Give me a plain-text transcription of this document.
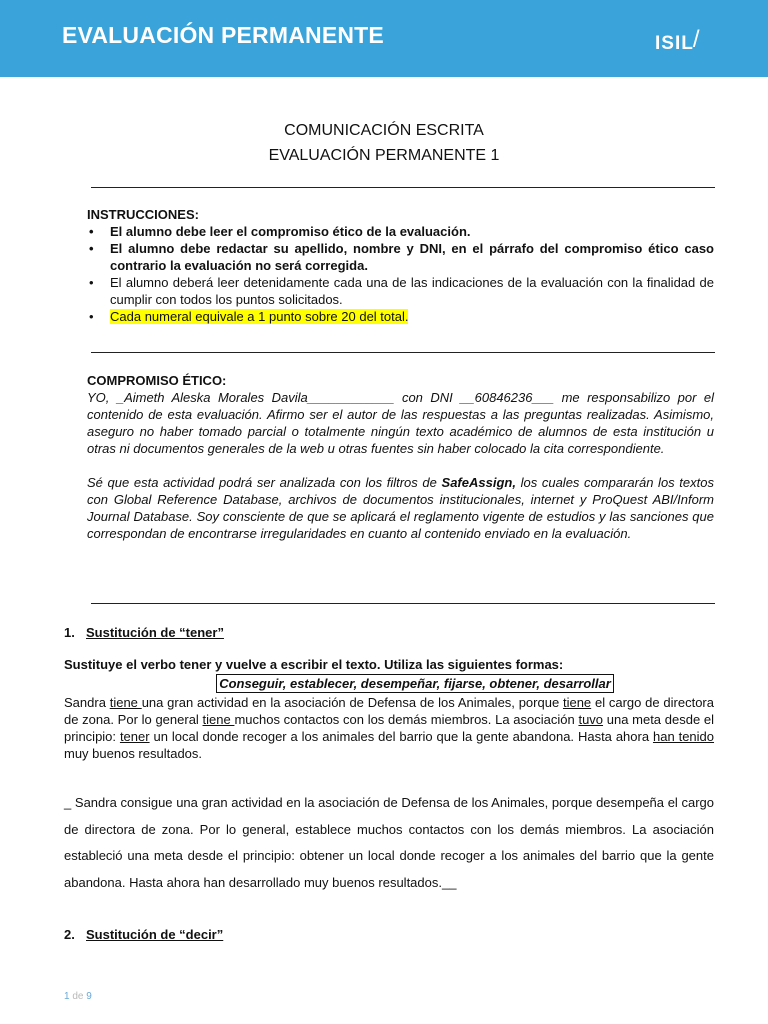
EVALUACIÓN PERMANENTE	ISIL/
COMUNICACIÓN ESCRITA
EVALUACIÓN PERMANENTE 1
INSTRUCCIONES:
• El alumno debe leer el compromiso ético de la evaluación.
• El alumno debe redactar su apellido, nombre y DNI, en el párrafo del compromiso ético caso contrario la evaluación no será corregida.
• El alumno deberá leer detenidamente cada una de las indicaciones de la evaluación con la finalidad de cumplir con todos los puntos solicitados.
• Cada numeral equivale a 1 punto sobre 20 del total.
COMPROMISO ÉTICO:

YO, _Aimeth Aleska Morales Davila____________ con DNI __60846236___ me responsabilizo por el contenido de esta evaluación. Afirmo ser el autor de las respuestas a las preguntas realizadas. Asimismo, aseguro no haber tomado parcial o totalmente ningún texto académico de alumnos de esta institución u otras ni documentos generales de la web u otras fuentes sin haber colocado la cita correspondiente.

Sé que esta actividad podrá ser analizada con los filtros de SafeAssign, los cuales compararán los textos con Global Reference Database, archivos de documentos institucionales, internet y ProQuest ABI/Inform Journal Database. Soy consciente de que se aplicará el reglamento vigente de estudios y las sanciones que correspondan de encontrarse irregularidades en cuanto al contenido enviado en la evaluación.

1. Sustitución de “tener”
Sustituye el verbo tener y vuelve a escribir el texto. Utiliza las siguientes formas:
Conseguir, establecer, desempeñar, fijarse, obtener, desarrollar
Sandra tiene una gran actividad en la asociación de Defensa de los Animales, porque tiene el cargo de directora de zona. Por lo general tiene muchos contactos con los demás miembros. La asociación tuvo una meta desde el principio: tener un local donde recoger a los animales del barrio que la gente abandona. Hasta ahora han tenido muy buenos resultados.
_ Sandra consigue una gran actividad en la asociación de Defensa de los Animales, porque desempeña el cargo de directora de zona. Por lo general, establece muchos contactos con los demás miembros. La asociación estableció una meta desde el principio: obtener un local donde recoger a los animales del barrio que la gente abandona. Hasta ahora han desarrollado muy buenos resultados.__
2. Sustitución de “decir”
1 de 9
